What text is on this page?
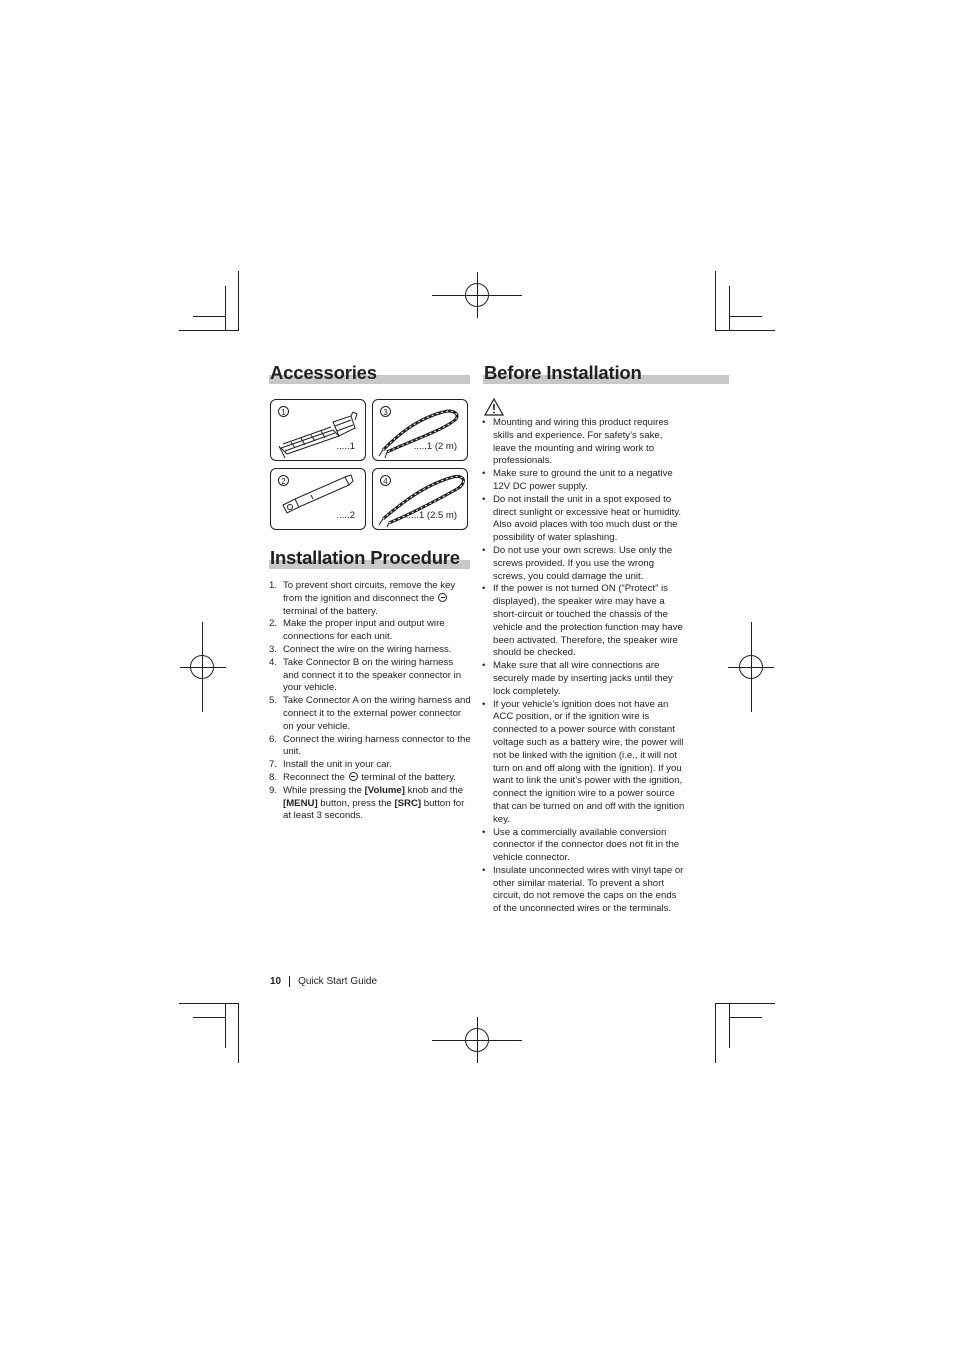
Accessories
1
.....1
3
.....1 (2 m)
2
.....2
4
.....1 (2.5 m)
Installation Procedure
1. To prevent short circuits, remove the key from the ignition and disconnect the  terminal of the battery.
2. Make the proper input and output wire connections for each unit.
3. Connect the wire on the wiring harness.
4. Take Connector B on the wiring harness and connect it to the speaker connector in your vehicle.
5. Take Connector A on the wiring harness and connect it to the external power connector on your vehicle.
6. Connect the wiring harness connector to the unit.
7. Install the unit in your car.
8. Reconnect the  terminal of the battery.
9. While pressing the [Volume] knob and the [MENU] button, press the [SRC] button for at least 3 seconds.
Before Installation
• Mounting and wiring this product requires skills and experience. For safety’s sake, leave the mounting and wiring work to professionals.
• Make sure to ground the unit to a negative 12V DC power supply.
• Do not install the unit in a spot exposed to direct sunlight or excessive heat or humidity. Also avoid places with too much dust or the possibility of water splashing.
• Do not use your own screws. Use only the screws provided. If you use the wrong screws, you could damage the unit.
• If the power is not turned ON (“Protect” is displayed), the speaker wire may have a short-circuit or touched the chassis of the vehicle and the protection function may have been activated. Therefore, the speaker wire should be checked.
• Make sure that all wire connections are securely made by inserting jacks until they lock completely.
• If your vehicle’s ignition does not have an ACC position, or if the ignition wire is connected to a power source with constant voltage such as a battery wire, the power will not be linked with the ignition (i.e., it will not turn on and off along with the ignition). If you want to link the unit’s power with the ignition, connect the ignition wire to a power source that can be turned on and off with the ignition key.
• Use a commercially available conversion connector if the connector does not fit in the vehicle connector.
• Insulate unconnected wires with vinyl tape or other similar material. To prevent a short circuit, do not remove the caps on the ends of the unconnected wires or the terminals.
10 Quick Start Guide
